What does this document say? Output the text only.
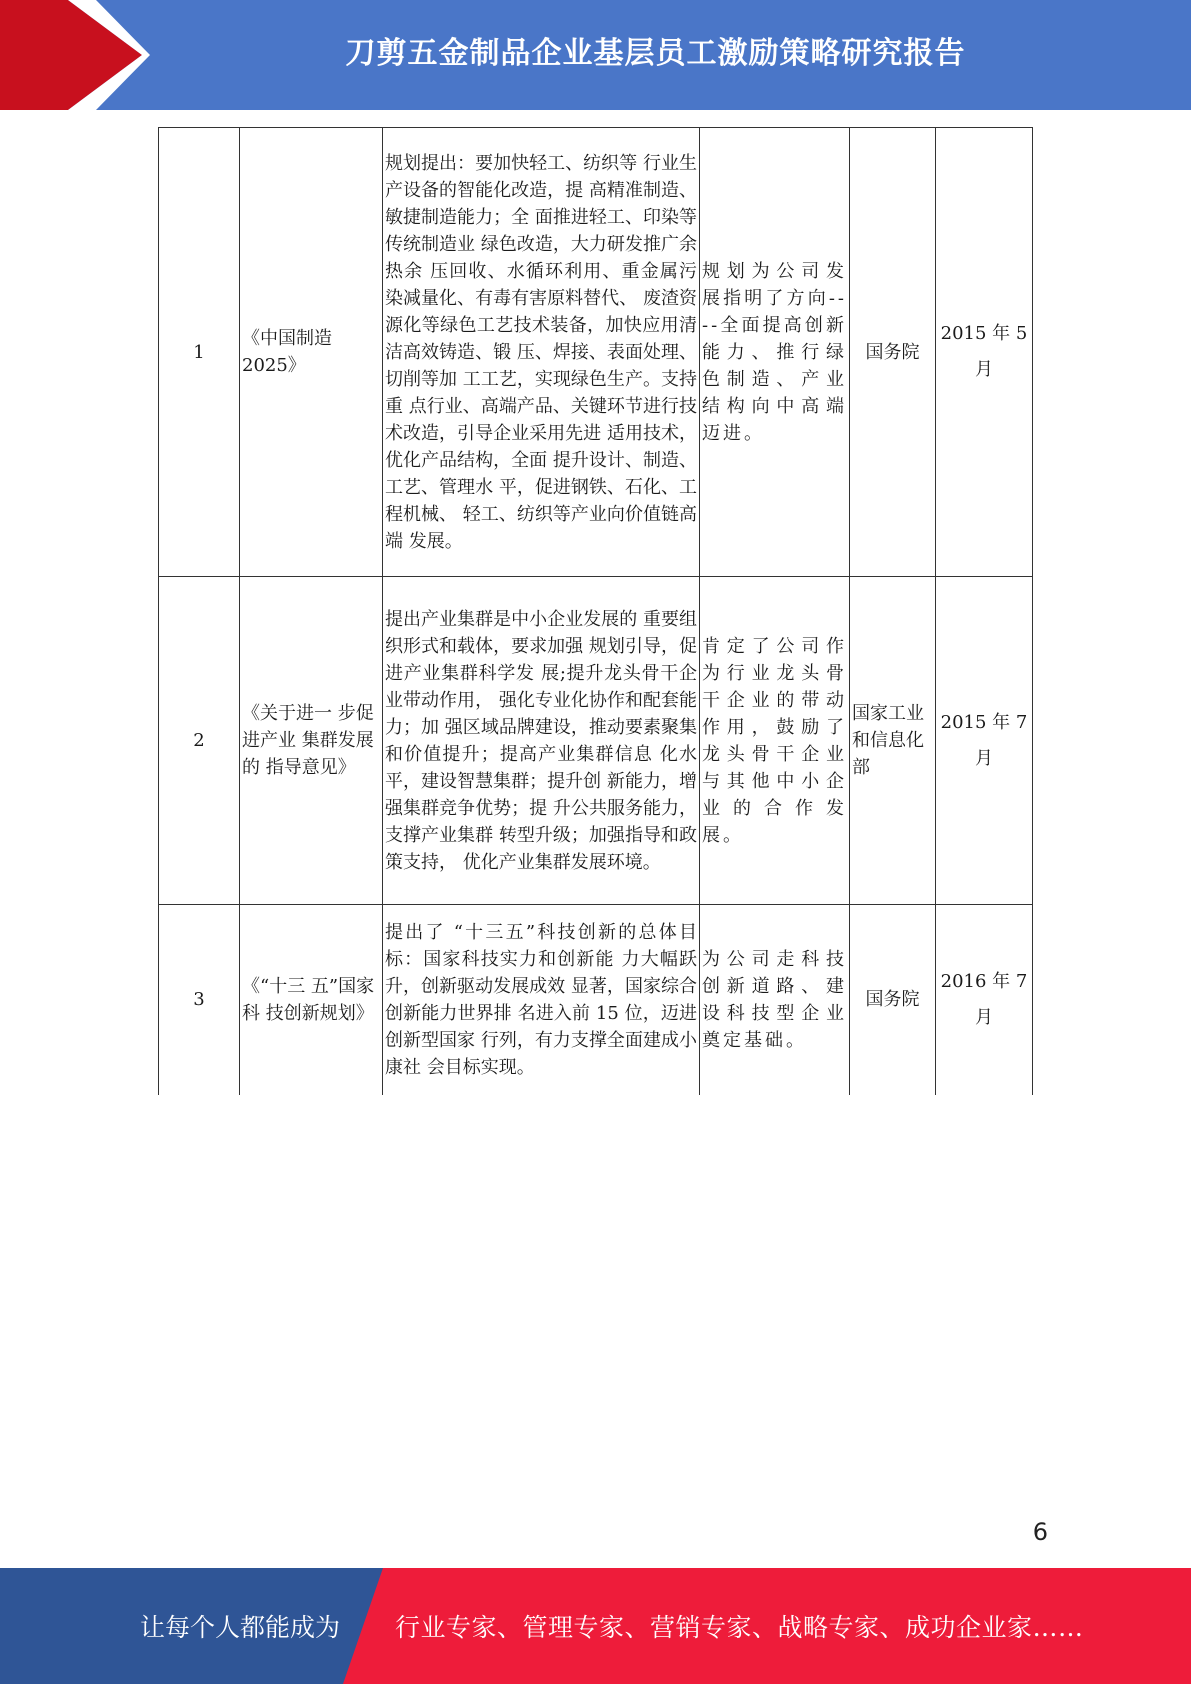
刀剪五金制品企业基层员工激励策略研究报告
1	《中国制造 2025》	规划提出：要加快轻工、纺织等 行业生产设备的智能化改造，提 高精准制造、敏捷制造能力；全 面推进轻工、印染等传统制造业 绿色改造，大力研发推广余热余 压回收、水循环利用、重金属污 染减量化、有毒有害原料替代、 废渣资源化等绿色工艺技术装备，加快应用清洁高效铸造、锻 压、焊接、表面处理、切削等加 工工艺，实现绿色生产。支持重 点行业、高端产品、关键环节进行技术改造，引导企业采用先进 适用技术，优化产品结构，全面 提升设计、制造、工艺、管理水 平，促进钢铁、石化、工程机械、 轻工、纺织等产业向价值链高端 发展。	规划为公司发展指明了方向----全面提高创新能力、推行绿色制造、产业结构向中高端迈进。	国务院	2015 年 5月
2	《关于进一 步促进产业 集群发展的 指导意见》	提出产业集群是中小企业发展的 重要组织形式和载体，要求加强 规划引导，促进产业集群科学发 展;提升龙头骨干企业带动作用， 强化专业化协作和配套能力；加 强区域品牌建设，推动要素聚集 和价值提升；提高产业集群信息 化水平，建设智慧集群；提升创 新能力，增强集群竞争优势；提 升公共服务能力，支撑产业集群 转型升级；加强指导和政策支持， 优化产业集群发展环境。	肯定了公司作为行业龙头骨干企业的带动作用，鼓励了龙头骨干企业与其他中小企业的合作发 展。	国家工业和信息化部	2015 年 7月
3	《“十三 五”国家科 技创新规划》	提出了 “十三五”科技创新的总体目标：国家科技实力和创新能 力大幅跃升，创新驱动发展成效 显著，国家综合创新能力世界排 名进入前 15 位，迈进创新型国家 行列，有力支撑全面建成小康社 会目标实现。	为公司走科技创新道路、建设科技型企业奠定基础。	国务院	2016 年 7月
6
让每个人都能成为	行业专家、管理专家、营销专家、战略专家、成功企业家……
